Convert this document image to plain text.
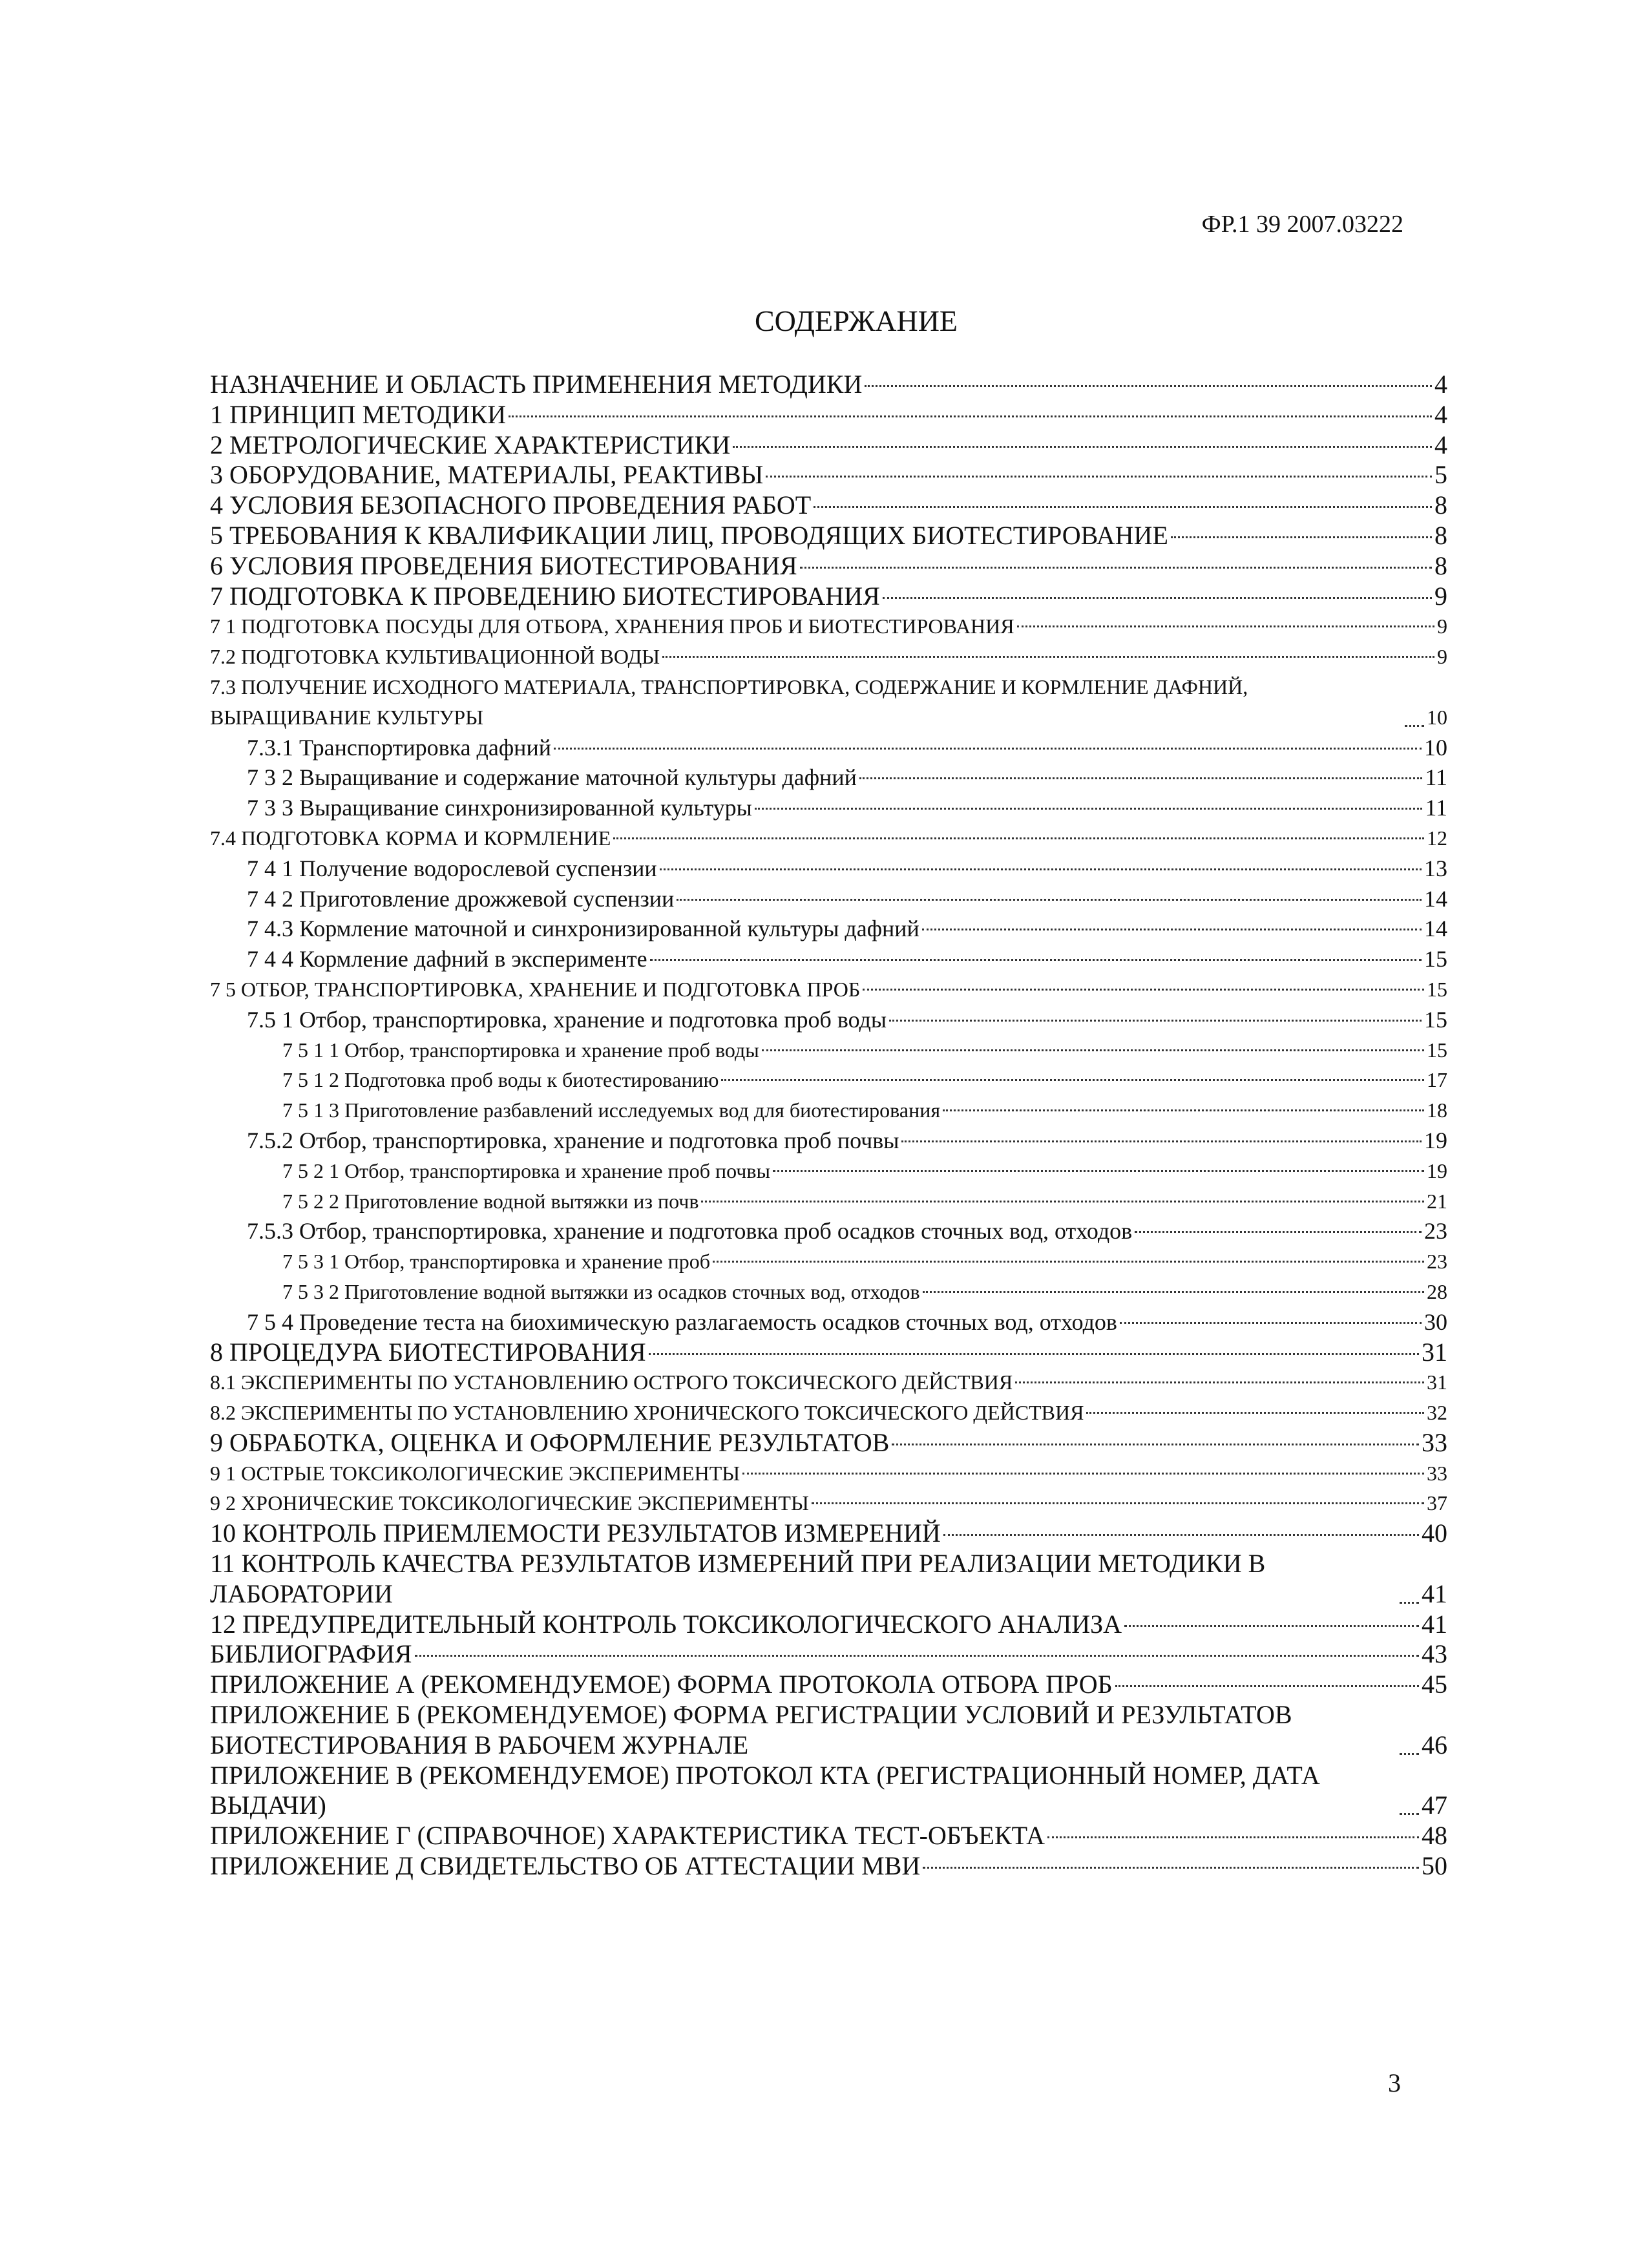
ФР.1 39 2007.03222
СОДЕРЖАНИЕ
НАЗНАЧЕНИЕ И ОБЛАСТЬ ПРИМЕНЕНИЯ МЕТОДИКИ	4
1 ПРИНЦИП МЕТОДИКИ	4
2 МЕТРОЛОГИЧЕСКИЕ ХАРАКТЕРИСТИКИ	4
3 ОБОРУДОВАНИЕ, МАТЕРИАЛЫ, РЕАКТИВЫ	5
4 УСЛОВИЯ БЕЗОПАСНОГО ПРОВЕДЕНИЯ РАБОТ	8
5 ТРЕБОВАНИЯ К КВАЛИФИКАЦИИ ЛИЦ, ПРОВОДЯЩИХ БИОТЕСТИРОВАНИЕ	8
6 УСЛОВИЯ ПРОВЕДЕНИЯ БИОТЕСТИРОВАНИЯ	8
7 ПОДГОТОВКА К ПРОВЕДЕНИЮ БИОТЕСТИРОВАНИЯ	9
7 1 ПОДГОТОВКА ПОСУДЫ ДЛЯ ОТБОРА, ХРАНЕНИЯ ПРОБ И БИОТЕСТИРОВАНИЯ	9
7.2 ПОДГОТОВКА КУЛЬТИВАЦИОННОЙ ВОДЫ	9
7.3 ПОЛУЧЕНИЕ ИСХОДНОГО МАТЕРИАЛА, ТРАНСПОРТИРОВКА, СОДЕРЖАНИЕ И КОРМЛЕНИЕ ДАФНИЙ, ВЫРАЩИВАНИЕ КУЛЬТУРЫ	10
7.3.1 Транспортировка дафний	10
7 3 2 Выращивание и содержание маточной культуры дафний	11
7 3 3 Выращивание синхронизированной культуры	11
7.4 ПОДГОТОВКА КОРМА И КОРМЛЕНИЕ	12
7 4 1 Получение водорослевой суспензии	13
7 4 2 Приготовление дрожжевой суспензии	14
7 4.3 Кормление маточной и синхронизированной культуры дафний	14
7 4 4 Кормление дафний в эксперименте	15
7 5 ОТБОР, ТРАНСПОРТИРОВКА, ХРАНЕНИЕ И ПОДГОТОВКА ПРОБ	15
7.5 1 Отбор, транспортировка, хранение и подготовка проб воды	15
7 5 1 1 Отбор, транспортировка и хранение проб воды	15
7 5 1 2 Подготовка проб воды к биотестированию	17
7 5 1 3 Приготовление разбавлений исследуемых вод для биотестирования	18
7.5.2 Отбор, транспортировка, хранение и подготовка проб почвы	19
7 5 2 1 Отбор, транспортировка и хранение проб почвы	19
7 5 2 2 Приготовление водной вытяжки из почв	21
7.5.3 Отбор, транспортировка, хранение и подготовка проб осадков сточных вод, отходов	23
7 5 3 1 Отбор, транспортировка и хранение проб	23
7 5 3 2 Приготовление водной вытяжки из осадков сточных вод, отходов	28
7 5 4 Проведение теста на биохимическую разлагаемость осадков сточных вод, отходов	30
8 ПРОЦЕДУРА БИОТЕСТИРОВАНИЯ	31
8.1 ЭКСПЕРИМЕНТЫ ПО УСТАНОВЛЕНИЮ ОСТРОГО ТОКСИЧЕСКОГО ДЕЙСТВИЯ	31
8.2 ЭКСПЕРИМЕНТЫ ПО УСТАНОВЛЕНИЮ ХРОНИЧЕСКОГО ТОКСИЧЕСКОГО ДЕЙСТВИЯ	32
9 ОБРАБОТКА, ОЦЕНКА И ОФОРМЛЕНИЕ РЕЗУЛЬТАТОВ	33
9 1 ОСТРЫЕ ТОКСИКОЛОГИЧЕСКИЕ ЭКСПЕРИМЕНТЫ	33
9 2 ХРОНИЧЕСКИЕ ТОКСИКОЛОГИЧЕСКИЕ ЭКСПЕРИМЕНТЫ	37
10 КОНТРОЛЬ ПРИЕМЛЕМОСТИ РЕЗУЛЬТАТОВ ИЗМЕРЕНИЙ	40
11 КОНТРОЛЬ КАЧЕСТВА РЕЗУЛЬТАТОВ ИЗМЕРЕНИЙ ПРИ РЕАЛИЗАЦИИ МЕТОДИКИ В ЛАБОРАТОРИИ	41
12 ПРЕДУПРЕДИТЕЛЬНЫЙ КОНТРОЛЬ ТОКСИКОЛОГИЧЕСКОГО АНАЛИЗА	41
БИБЛИОГРАФИЯ	43
ПРИЛОЖЕНИЕ А (РЕКОМЕНДУЕМОЕ) ФОРМА ПРОТОКОЛА ОТБОРА ПРОБ	45
ПРИЛОЖЕНИЕ Б (РЕКОМЕНДУЕМОЕ) ФОРМА РЕГИСТРАЦИИ УСЛОВИЙ И РЕЗУЛЬТАТОВ БИОТЕСТИРОВАНИЯ В РАБОЧЕМ ЖУРНАЛЕ	46
ПРИЛОЖЕНИЕ В (РЕКОМЕНДУЕМОЕ) ПРОТОКОЛ КТА (РЕГИСТРАЦИОННЫЙ НОМЕР, ДАТА ВЫДАЧИ)	47
ПРИЛОЖЕНИЕ Г (СПРАВОЧНОЕ) ХАРАКТЕРИСТИКА ТЕСТ-ОБЪЕКТА	48
ПРИЛОЖЕНИЕ Д СВИДЕТЕЛЬСТВО ОБ АТТЕСТАЦИИ МВИ	50
3
